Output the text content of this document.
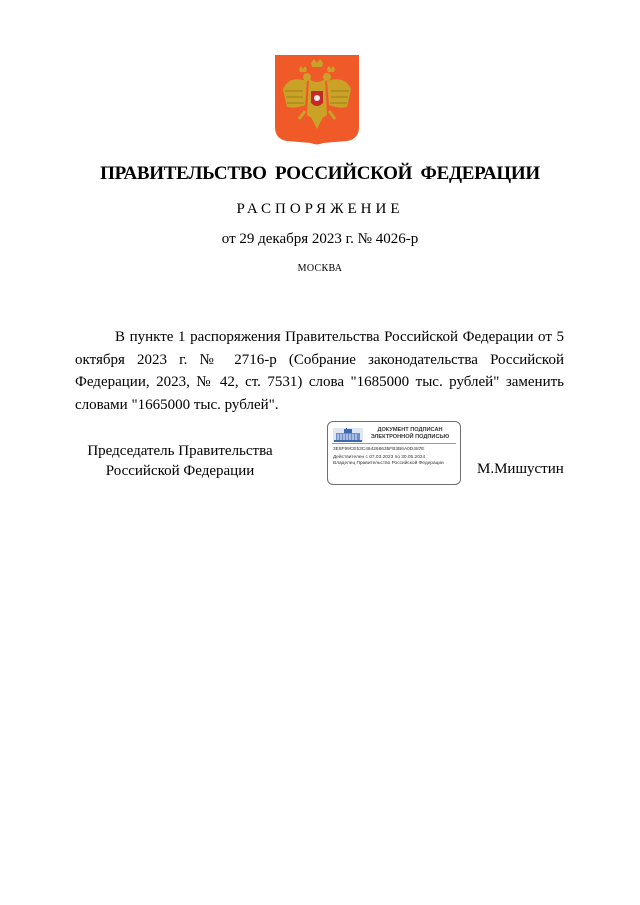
ПРАВИТЕЛЬСТВО РОССИЙСКОЙ ФЕДЕРАЦИИ
РАСПОРЯЖЕНИЕ
от 29 декабря 2023 г. № 4026-р
МОСКВА

В пункте 1 распоряжения Правительства Российской Федерации от 5 октября 2023 г. № 2716-р (Собрание законодательства Российской Федерации, 2023, № 42, ст. 7531) слова "1685000 тыс. рублей" заменить словами "1665000 тыс. рублей".

Председатель Правительства
Российской Федерации
ДОКУМЕНТ ПОДПИСАН
ЭЛЕКТРОННОЙ ПОДПИСЬЮ
3E8F99CE53C464268635FB3B6A0D487E
Действителен с 07.03.2023 по 30.05.2024
Владелец Правительство Российской Федерации	М.Мишустин
